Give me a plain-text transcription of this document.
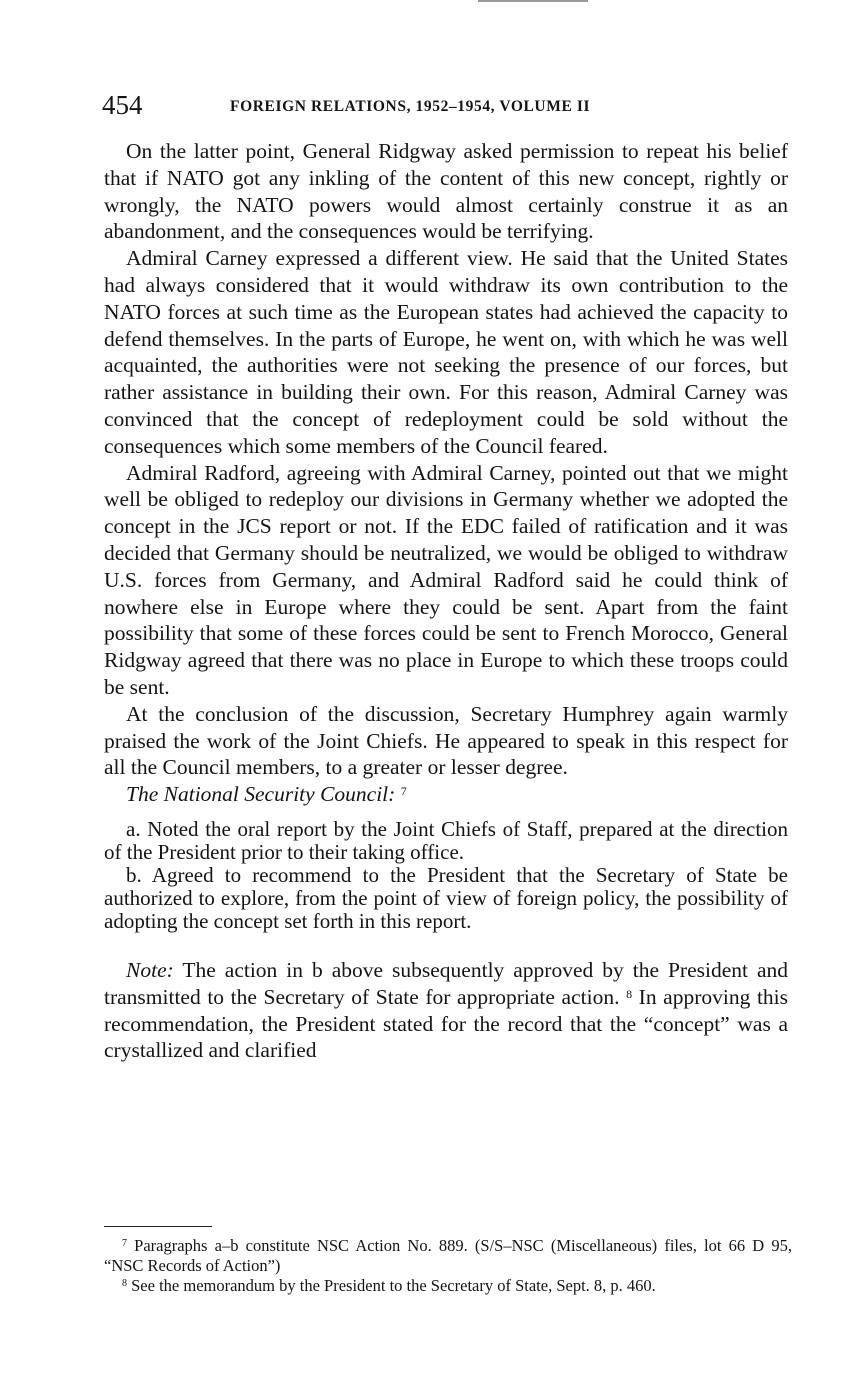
454	FOREIGN RELATIONS, 1952–1954, VOLUME II

On the latter point, General Ridgway asked permission to repeat his belief that if NATO got any inkling of the content of this new concept, rightly or wrongly, the NATO powers would almost certainly construe it as an abandonment, and the consequences would be terrifying.

Admiral Carney expressed a different view. He said that the United States had always considered that it would withdraw its own contribution to the NATO forces at such time as the European states had achieved the capacity to defend themselves. In the parts of Europe, he went on, with which he was well acquainted, the authorities were not seeking the presence of our forces, but rather assistance in building their own. For this reason, Admiral Carney was convinced that the concept of redeployment could be sold without the consequences which some members of the Council feared.

Admiral Radford, agreeing with Admiral Carney, pointed out that we might well be obliged to redeploy our divisions in Germany whether we adopted the concept in the JCS report or not. If the EDC failed of ratification and it was decided that Germany should be neutralized, we would be obliged to withdraw U.S. forces from Germany, and Admiral Radford said he could think of nowhere else in Europe where they could be sent. Apart from the faint possibility that some of these forces could be sent to French Morocco, General Ridgway agreed that there was no place in Europe to which these troops could be sent.

At the conclusion of the discussion, Secretary Humphrey again warmly praised the work of the Joint Chiefs. He appeared to speak in this respect for all the Council members, to a greater or lesser degree.

The National Security Council: $^7$

a. Noted the oral report by the Joint Chiefs of Staff, prepared at the direction of the President prior to their taking office.

b. Agreed to recommend to the President that the Secretary of State be authorized to explore, from the point of view of foreign policy, the possibility of adopting the concept set forth in this report.

Note: The action in b above subsequently approved by the President and transmitted to the Secretary of State for appropriate action. $^8$ In approving this recommendation, the President stated for the record that the “concept” was a crystallized and clarified

$^7$ Paragraphs a–b constitute NSC Action No. 889. (S/S–NSC (Miscellaneous) files, lot 66 D 95, “NSC Records of Action”)

$^8$ See the memorandum by the President to the Secretary of State, Sept. 8, p. 460.
